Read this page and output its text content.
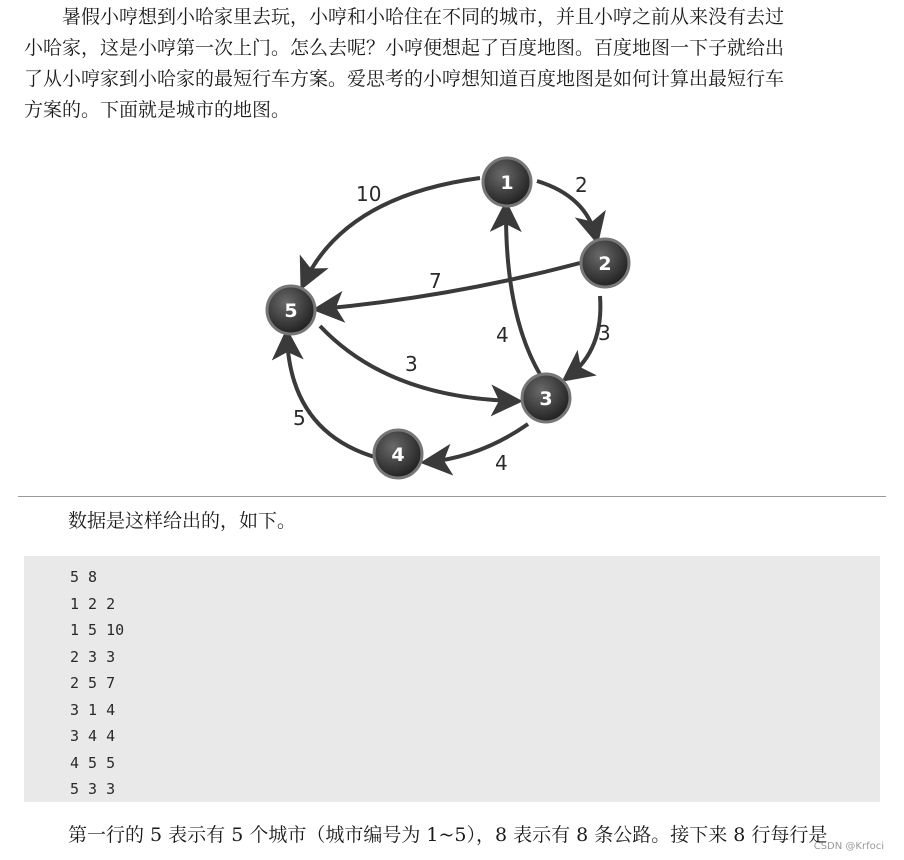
暑假小哼想到小哈家里去玩，小哼和小哈住在不同的城市，并且小哼之前从来没有去过
小哈家，这是小哼第一次上门。怎么去呢？小哼便想起了百度地图。百度地图一下子就给出
了从小哼家到小哈家的最短行车方案。爱思考的小哼想知道百度地图是如何计算出最短行车
方案的。下面就是城市的地图。
2
10
3
7
4
4
5
3
1
2
3
4
5
数据是这样给出的，如下。
5 8
1 2 2
1 5 10
2 3 3
2 5 7
3 1 4
3 4 4
4 5 5
5 3 3
第一行的 5 表示有 5 个城市（城市编号为 1~5），8 表示有 8 条公路。接下来 8 行每行是
CSDN @Krfoci
